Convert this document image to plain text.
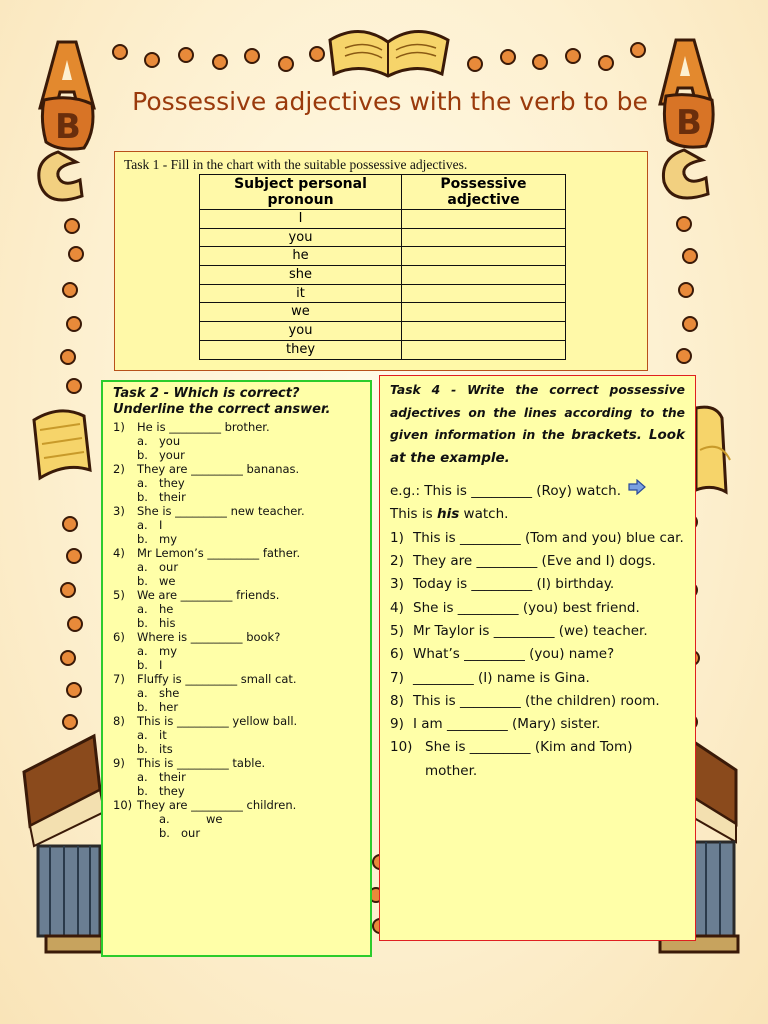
B	B
Possessive adjectives with the verb to be
Task 1 - Fill in the chart with the suitable possessive adjectives.
Subject personal pronoun	Possessive adjective
I	
you	
he	
she	
it	
we	
you	
they	
Task 2 - Which is correct? Underline the correct answer.
1)	He is _________ brother.
a. you
b. your
2)	They are _________ bananas.
a. they
b. their
3)	She is _________ new teacher.
a. I
b. my
4)	Mr Lemon’s _________ father.
a. our
b. we
5)	We are _________ friends.
a. he
b. his
6)	Where is _________ book?
a. my
b. I
7)	Fluffy is _________ small cat.
a. she
b. her
8)	This is _________ yellow ball.
a. it
b. its
9)	This is _________ table.
a. their
b. they
10) They are _________ children.
a.	we
b. our
Task 4 - Write the correct possessive adjectives on the lines according to the given information in the brackets. Look at the example.
e.g.: This is _________ (Roy) watch.
This is his watch.
1) This is _________ (Tom and you) blue car.
2) They are _________ (Eve and I) dogs.
3) Today is _________ (I) birthday.
4) She is _________ (you) best friend.
5) Mr Taylor is _________ (we) teacher.
6) What’s _________ (you) name?
7) _________ (I) name is Gina.
8) This is _________ (the children) room.
9) I am _________ (Mary) sister.
10) She is _________ (Kim and Tom) mother.
